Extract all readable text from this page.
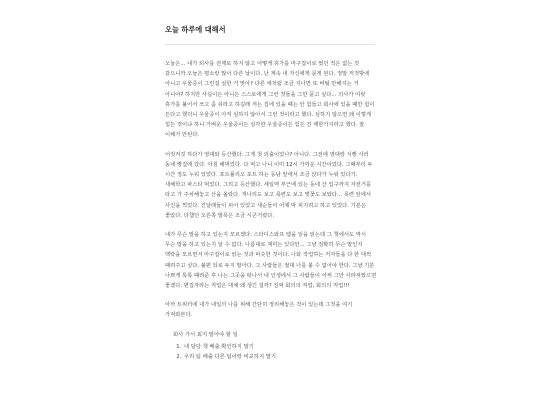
오늘 하루에 대해서

오늘은... 내가 퇴사를 전제로 하지 않고 어떻게 휴가를 마구잡이로 썼던 적은 없는 것 같으니까 오늘은 평소랑 많이 다른 날이다. 난 계속 내 자신에게 묻게 된다. 정말 저것밖에 아니고 우울증이 그런걸 심한 거 맞아? 다른 애처럼 조금 지나면 또 버틸 만해지는 거 아니야? 하지만 사실이든 아니든 스스로에게 그런 것들을 그만 묻고 싶다... 의사가 여럿 휴가를 불어서 쓰고 좀 쉬라고 하길래 저는 집에 있을 때는 안 힘들고 회사에 있을 때만 힘이 든다고 했더니 우울증이 아직 심하지 않아서 그런 것이라고 했다. 심하지 않으면 왜 이렇게 힘든 것이냐 하니 가벼운 우울증이든 심각한 우울증이든 힘든 건 매한가지라고 했다. 잘 이해가 안된다.

어짓저짓 하다가 영대와 등산했다. 그게 첫 외출이었나? 아니다. 그전에 영대랑 식빵 사러 동네 빵집에 갔다. 아침 해먹었다. 다 먹고 나니 이미 12시 가까운 시간이었다. 그때부터 두 시간 정도 누워 있었다. 포트폴리오 포트 하는 동남 앞에서 조금 앉다가 누워 있다가. 새해학고 파스타 먹었다. 그리고 등산했다. 세일역 부근에 있는 동네 산 입구까지 자전거를 타고 가 주차해놓고 산을 올랐다. 개나리도 보고 목련도 보고 벚꽃도 보았다... 목련 앞에서 사진을 찍었다. 진달래들이 피어 있었고 새순들이 어제 막 피지려고 하고 있었다. 기분은 좋았다. 다챔던 오른쪽 발목은 조금 시큰거렸다.

내가 무슨 말을 하고 있는지 모르겠다. 스타디스와프 렘을 읽을 읽는데 그 책에서도 역시 무슨 말을 하고 있는지 알 수 없다. 나름대로 재미는 있다만... 그냥 정확히 무슨 말인지 맥락을 모르면서 마구잡이로 읽는 것과 비슷한 것이다. 나와 작업하는 저자들을 다 한 대씩 때려주고 싶다. 불편 되로 두지 말아다. 그 사람들은 절대 나를 볼 수 없어야 한다. 그냥 기분 나쁘게 툭툭 때려준 후 나는 그곳을 떠나서 내 인생에서 그 사람들이 어쩌 그만 사라져줬으면 좋겠다. 편집자라는 직업은 대체 왜 생긴 걸까? 진짜 회의의 직업, 회의의 직업!!!

아까 트위터에 내가 내일의 나를 위해 간단히 정리해놓은 것이 있는데 그것을 여기 가져와본다.

회사 가서 최지 말아야 할 일

1. 내 담당 책 배출 확인하지 말기
2. 우리 팀 배출 다른 팀이랑 비교하지 말기
